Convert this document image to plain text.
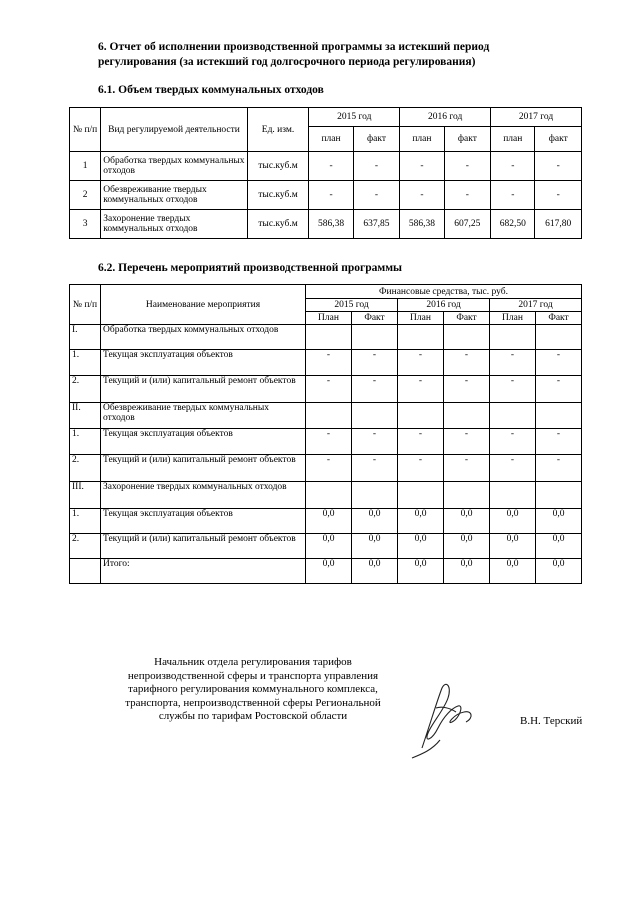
6. Отчет об исполнении производственной программы за истекший период
регулирования (за истекший год долгосрочного периода регулирования)
6.1. Объем твердых коммунальных отходов
№ п/п	Вид регулируемой деятельности	Ед. изм.	2015 год		2016 год		2017 год	
			план	факт	план	факт	план	факт
1	Обработка твердых коммунальных отходов	тыс.куб.м	-	-	-	-	-	-
2	Обезвреживание твердых коммунальных отходов	тыс.куб.м	-	-	-	-	-	-
3	Захоронение твердых коммунальных отходов	тыс.куб.м	586,38	637,85	586,38	607,25	682,50	617,80
6.2. Перечень мероприятий производственной программы
№ п/п	Наименование мероприятия	Финансовые средства, тыс. руб.					
		2015 год		2016 год		2017 год	
		План	Факт	План	Факт	План	Факт
I.	Обработка твердых коммунальных отходов						
1.	Текущая эксплуатация объектов	-	-	-	-	-	-
2.	Текущий и (или) капитальный ремонт объектов	-	-	-	-	-	-
II.	Обезвреживание твердых коммунальных отходов						
1.	Текущая эксплуатация объектов	-	-	-	-	-	-
2.	Текущий и (или) капитальный ремонт объектов	-	-	-	-	-	-
III.	Захоронение твердых коммунальных отходов						
1.	Текущая эксплуатация объектов	0,0	0,0	0,0	0,0	0,0	0,0
2.	Текущий и (или) капитальный ремонт объектов	0,0	0,0	0,0	0,0	0,0	0,0
	Итого:	0,0	0,0	0,0	0,0	0,0	0,0
Начальник отдела регулирования тарифов
непроизводственной сферы и транспорта управления
тарифного регулирования коммунального комплекса,
транспорта, непроизводственной сферы Региональной
службы по тарифам Ростовской области	В.Н. Терский
